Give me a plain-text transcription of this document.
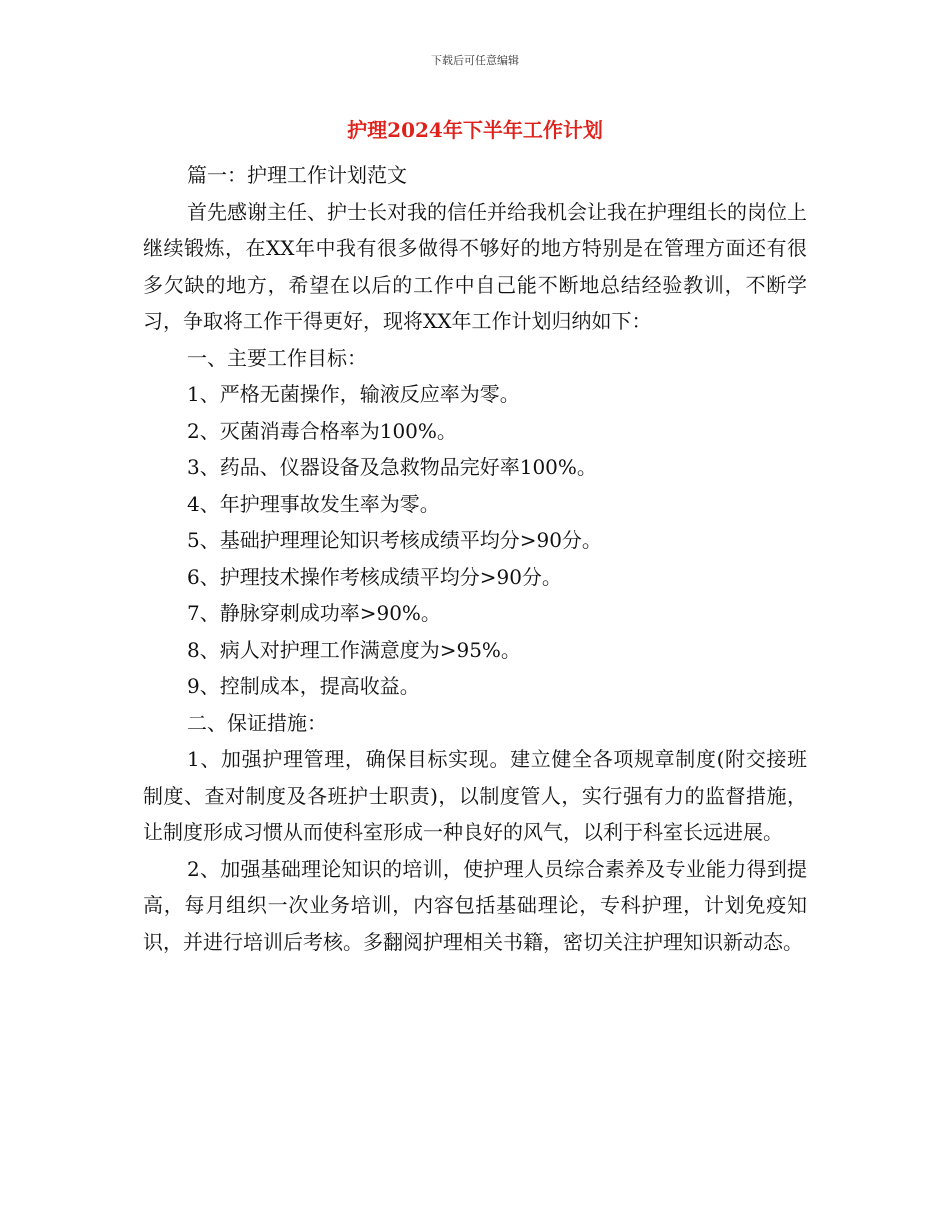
下载后可任意编辑
护理2024年下半年工作计划

篇一：护理工作计划范文

首先感谢主任、护士长对我的信任并给我机会让我在护理组长的岗位上继续锻炼，在XX年中我有很多做得不够好的地方特别是在管理方面还有很多欠缺的地方，希望在以后的工作中自己能不断地总结经验教训，不断学习，争取将工作干得更好，现将XX年工作计划归纳如下：

一、主要工作目标：

1、严格无菌操作，输液反应率为零。

2、灭菌消毒合格率为100%。

3、药品、仪器设备及急救物品完好率100%。

4、年护理事故发生率为零。

5、基础护理理论知识考核成绩平均分>90分。

6、护理技术操作考核成绩平均分>90分。

7、静脉穿刺成功率>90%。

8、病人对护理工作满意度为>95%。

9、控制成本，提高收益。

二、保证措施：

1、加强护理管理，确保目标实现。建立健全各项规章制度(附交接班制度、查对制度及各班护士职责)，以制度管人，实行强有力的监督措施，让制度形成习惯从而使科室形成一种良好的风气，以利于科室长远进展。

2、加强基础理论知识的培训，使护理人员综合素养及专业能力得到提高，每月组织一次业务培训，内容包括基础理论，专科护理，计划免疫知识，并进行培训后考核。多翻阅护理相关书籍，密切关注护理知识新动态。
